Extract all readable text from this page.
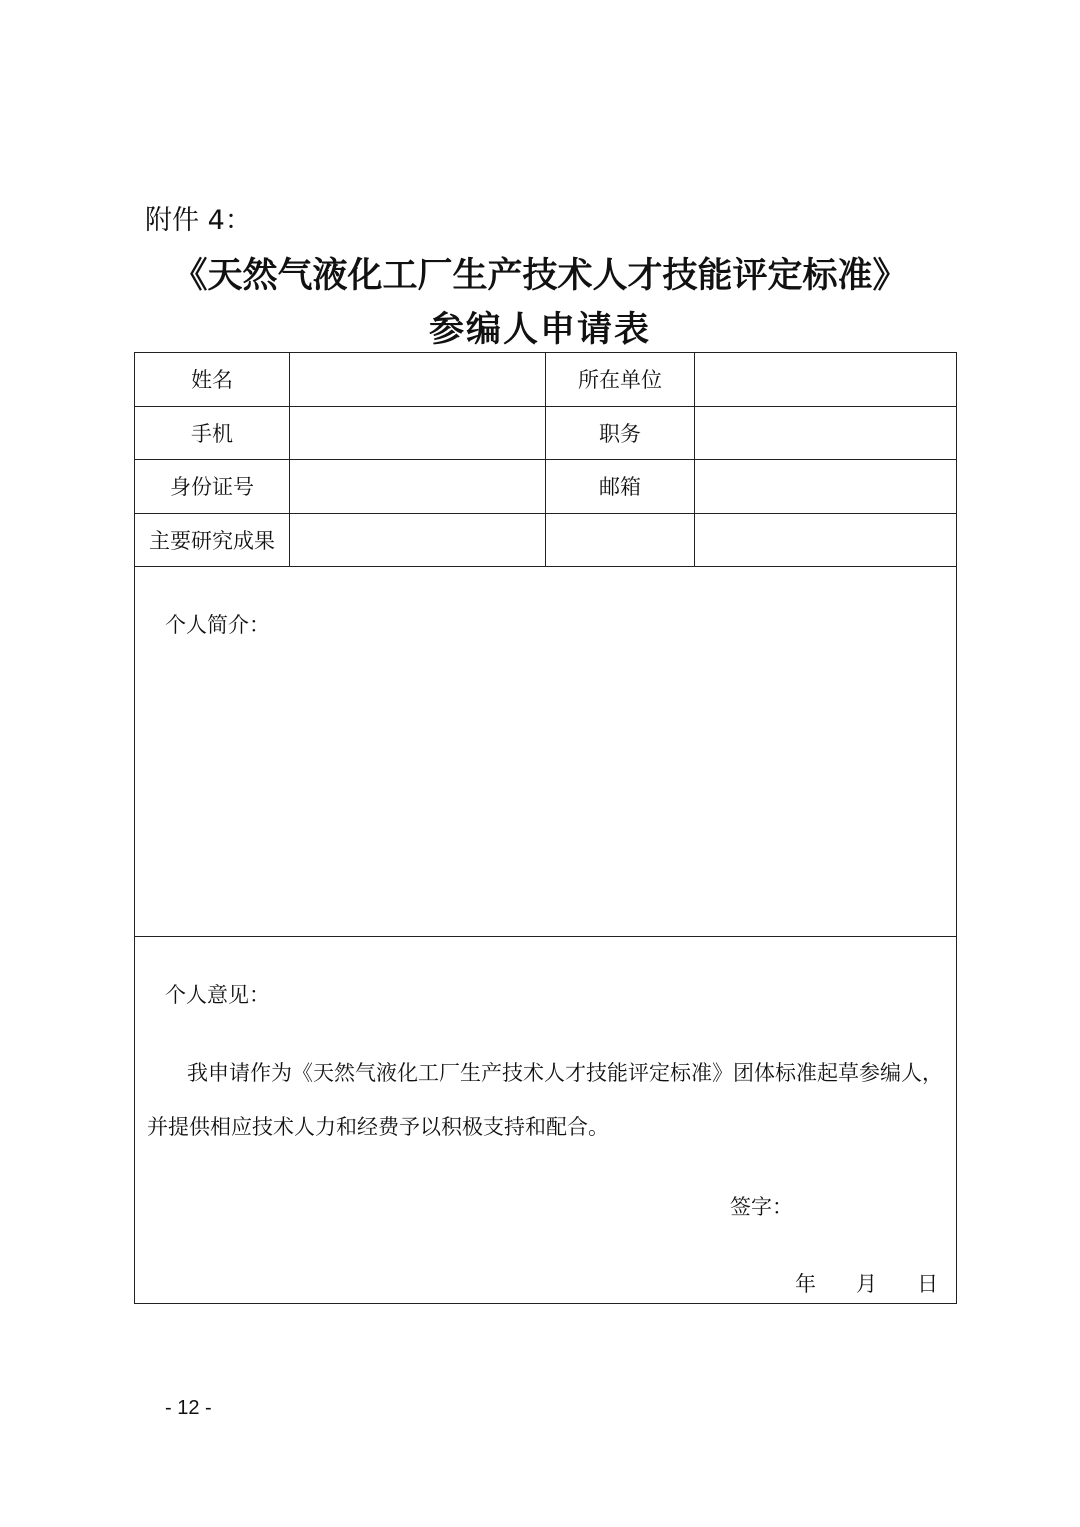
附件 4：
《天然气液化工厂生产技术人才技能评定标准》
参编人申请表
姓名		所在单位	
手机		职务	
身份证号		邮箱	
主要研究成果			

个人简介：			

个人意见：
我申请作为《天然气液化工厂生产技术人才技能评定标准》团体标准起草参编人，
并提供相应技术人力和经费予以积极支持和配合。
签字：
年      月      日			
- 12 -
